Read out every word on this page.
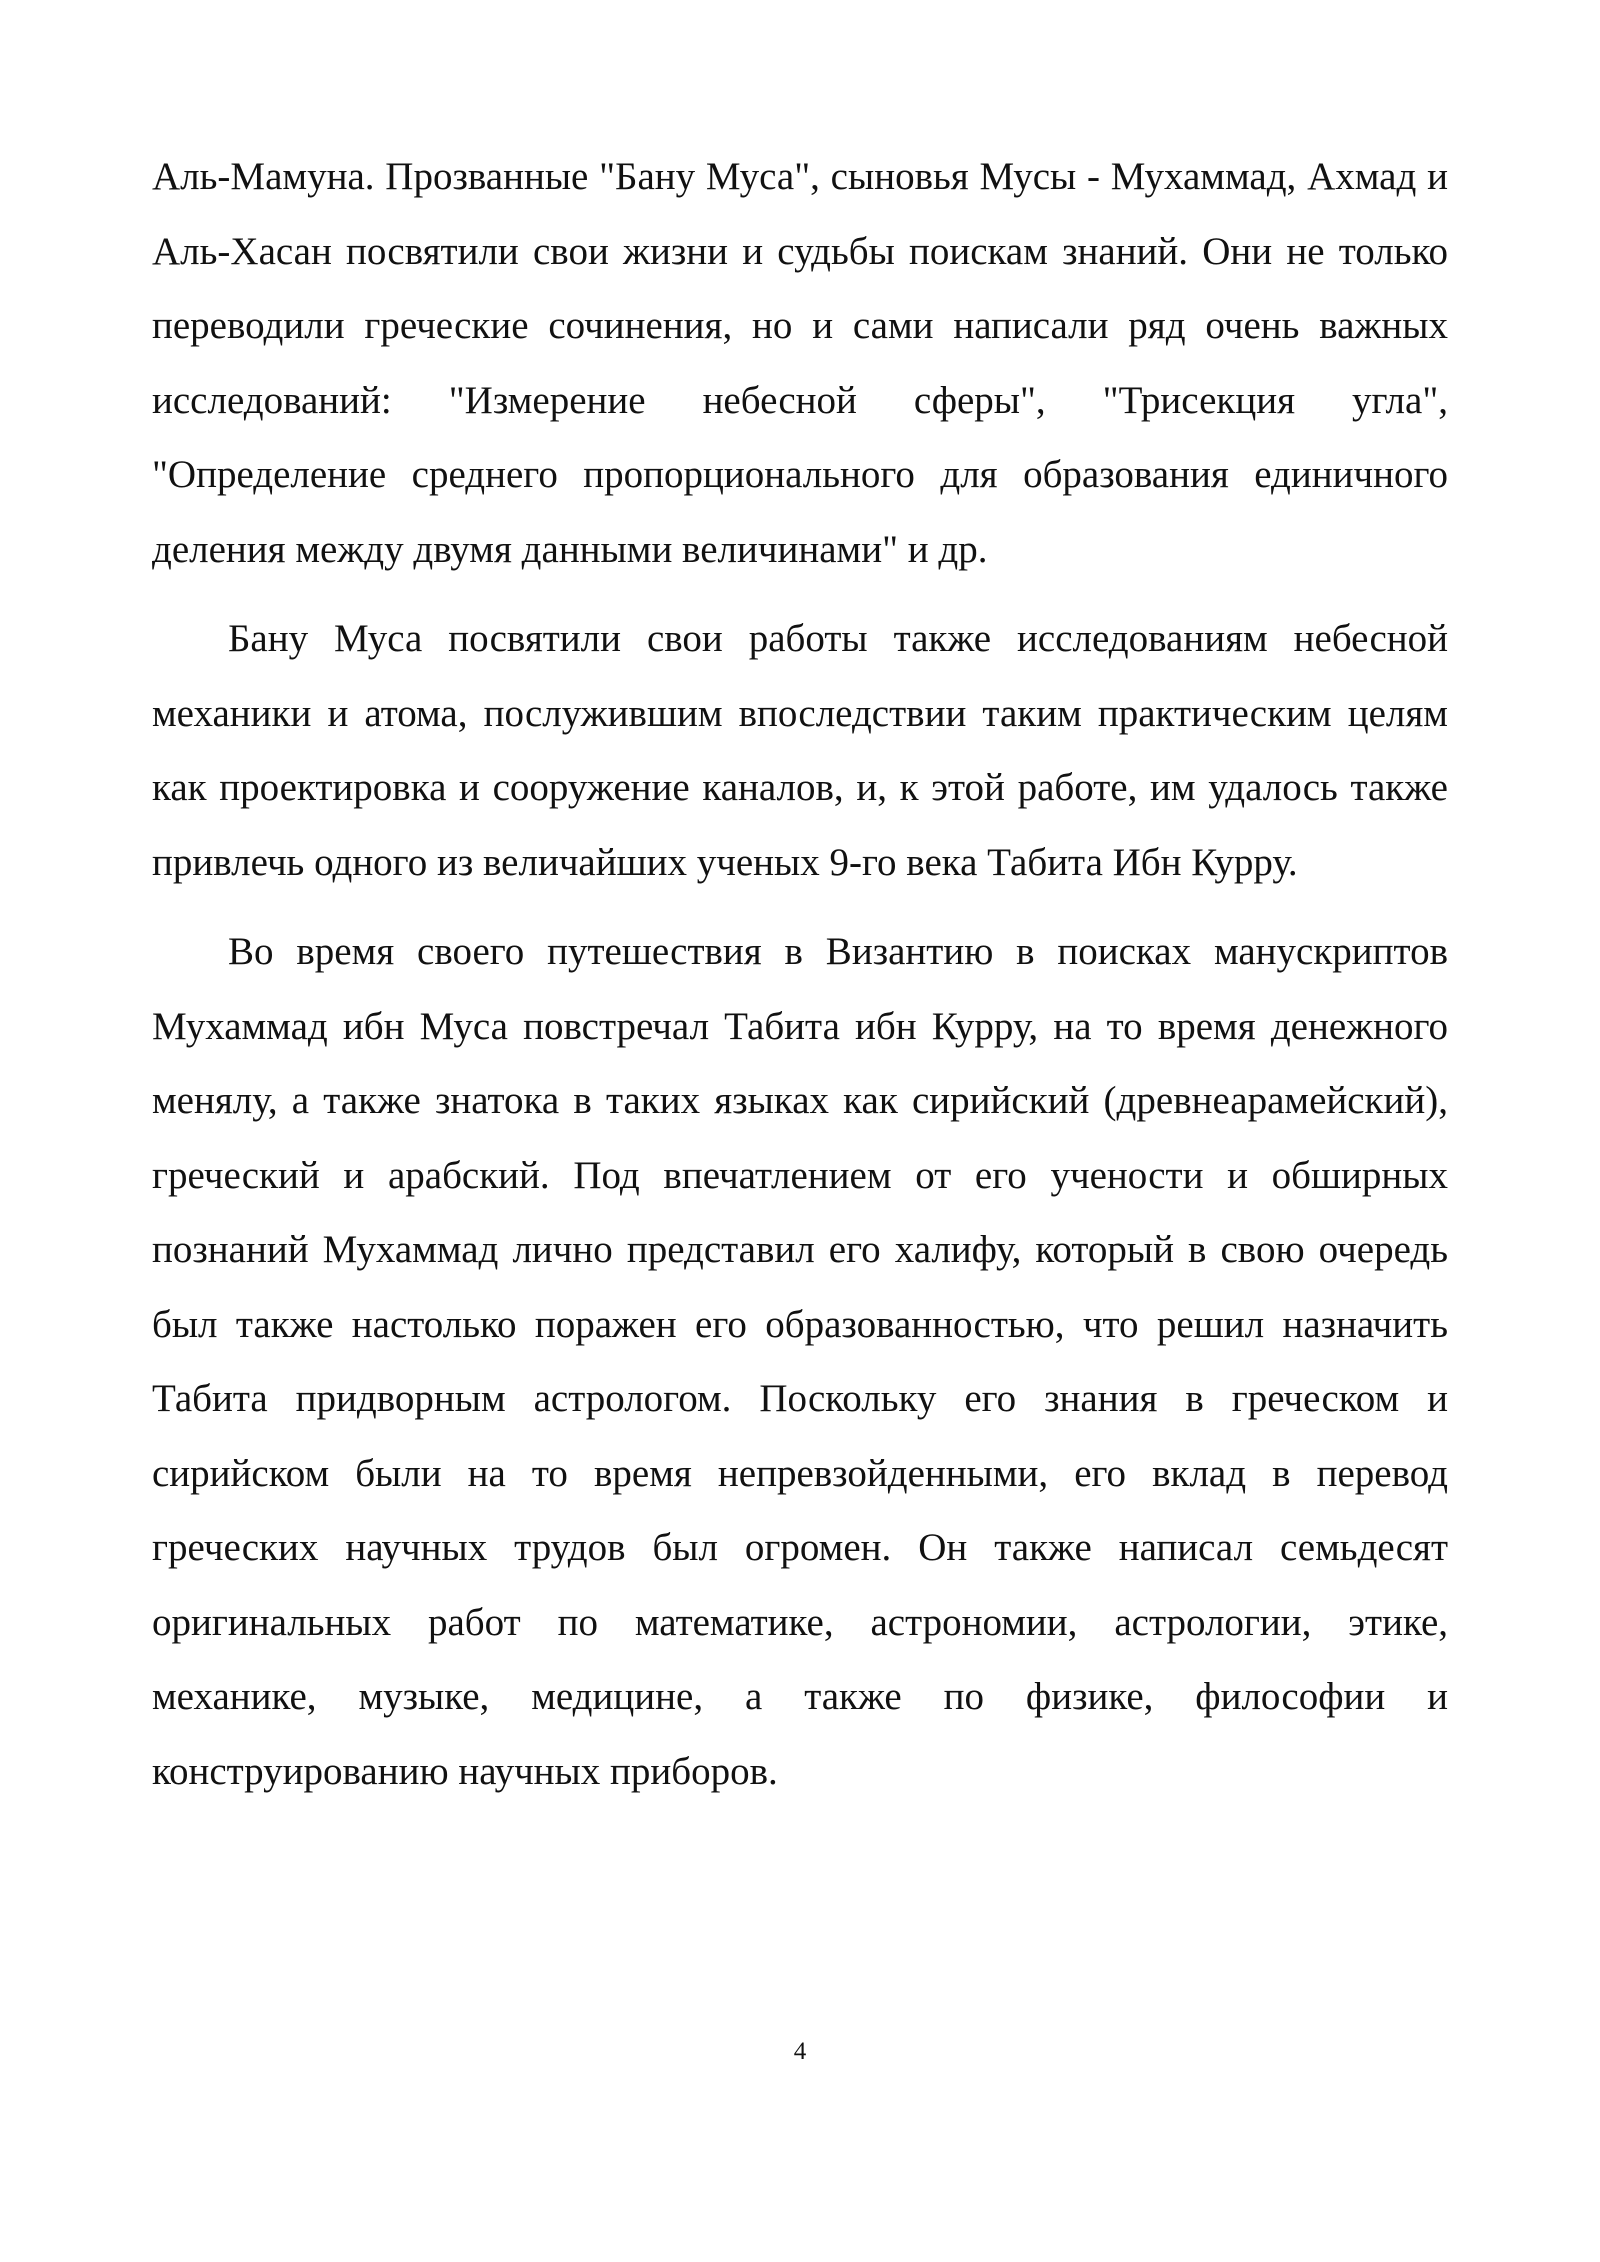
Аль-Мамуна. Прозванные "Бану Муса", сыновья Мусы - Мухаммад, Ахмад и Аль-Хасан посвятили свои жизни и судьбы поискам знаний. Они не только переводили греческие сочинения, но и сами написали ряд очень важных исследований: "Измерение небесной сферы", "Трисекция угла", "Определение среднего пропорционального для образования единичного деления между двумя данными величинами" и др.

Бану Муса посвятили свои работы также исследованиям небесной механики и атома, послужившим впоследствии таким практическим целям как проектировка и сооружение каналов, и, к этой работе, им удалось также привлечь одного из величайших ученых 9-го века Табита Ибн Курру.

Во время своего путешествия в Византию в поисках манускриптов Мухаммад ибн Муса повстречал Табита ибн Курру, на то время денежного менялу, а также знатока в таких языках как сирийский (древнеарамейский), греческий и арабский. Под впечатлением от его учености и обширных познаний Мухаммад лично представил его халифу, который в свою очередь был также настолько поражен его образованностью, что решил назначить Табита придворным астрологом. Поскольку его знания в греческом и сирийском были на то время непревзойденными, его вклад в перевод греческих научных трудов был огромен. Он также написал семьдесят оригинальных работ по математике, астрономии, астрологии, этике, механике, музыке, медицине, а также по физике, философии и конструированию научных приборов.

4
